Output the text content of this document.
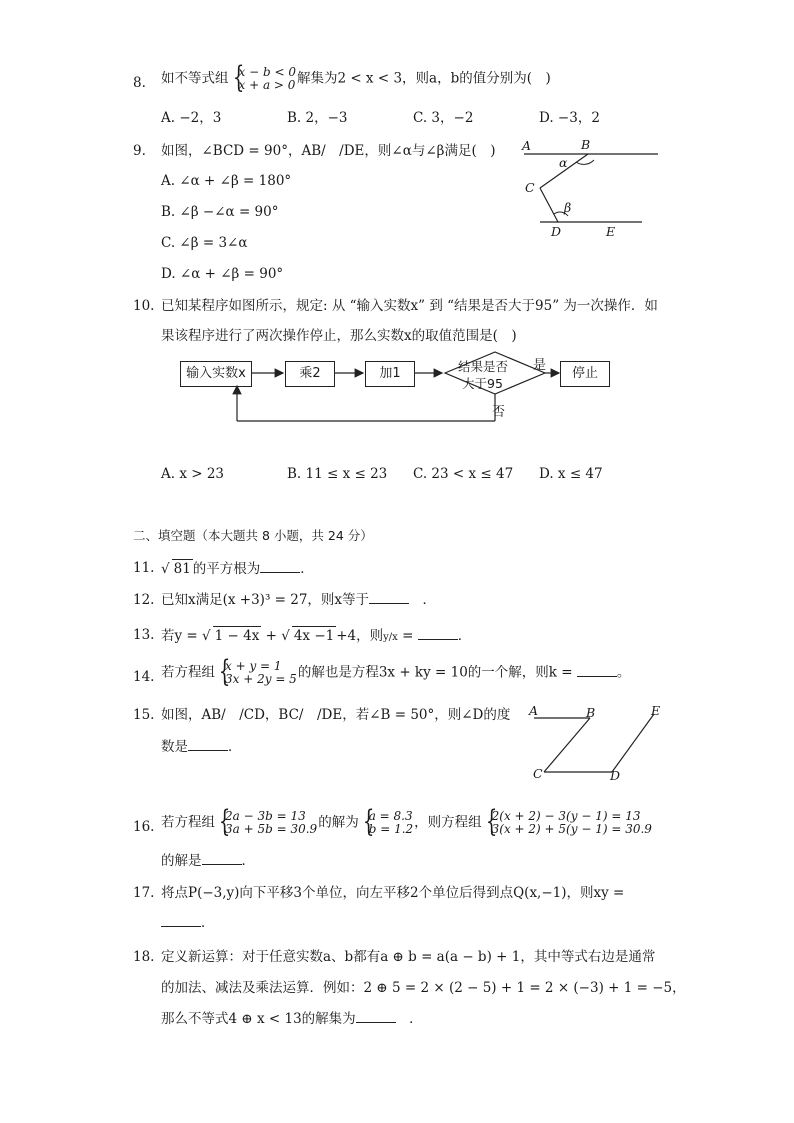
8. 如不等式组 { x − b < 0
x + a > 0 解集为2 < x < 3，则a，b的值分别为(　)
A. −2，3	B. 2，−3	C. 3，−2	D. −3，2
9. 如图，∠BCD = 90°，AB/　/DE，则∠α与∠β满足(　)
A. ∠α + ∠β = 180°
B. ∠β −∠α = 90°
C. ∠β = 3∠α
D. ∠α + ∠β = 90°
A	B
C
D	E
α
β
10. 已知某程序如图所示，规定: 从 “输入实数x” 到 “结果是否大于95” 为一次操作．如
果该程序进行了两次操作停止，那么实数x的取值范围是(　)
输入实数x	乘2	加1	结果是否
大于95
是
停止
否
A. x > 23	B. 11 ≤ x ≤ 23 C. 23 < x ≤ 47 D. x ≤ 47
二、填空题（本大题共 8 小题，共 24 分）
11. √ 81 的平方根为	．
12. 已知x满足(x +3)³ = 27，则x等于	　．
13. 若y = √ 1 − 4x + √ 4x −1 +4，则y/x =	．
14. 若方程组 { x + y = 1
3x + 2y = 5 的解也是方程3x + ky = 10的一个解，则k =	。
15. 如图，AB/　/CD，BC/　/DE，若∠B = 50°，则∠D的度
数是	．
A	B
C	D
E
16. 若方程组 { 2a − 3b = 13
3a + 5b = 30.9 的解为 { a = 8.3
b = 1.2 ，则方程组 { 2(x + 2) − 3(y − 1) = 13
3(x + 2) + 5(y − 1) = 30.9
的解是	．
17. 将点P(−3,y)向下平移3个单位，向左平移2个单位后得到点Q(x,−1)，则xy =
．
18. 定义新运算：对于任意实数a、b都有a ⊕ b = a(a − b) + 1，其中等式右边是通常
的加法、减法及乘法运算．例如：2 ⊕ 5 = 2 × (2 − 5) + 1 = 2 × (−3) + 1 = −5，
那么不等式4 ⊕ x < 13的解集为	　．
